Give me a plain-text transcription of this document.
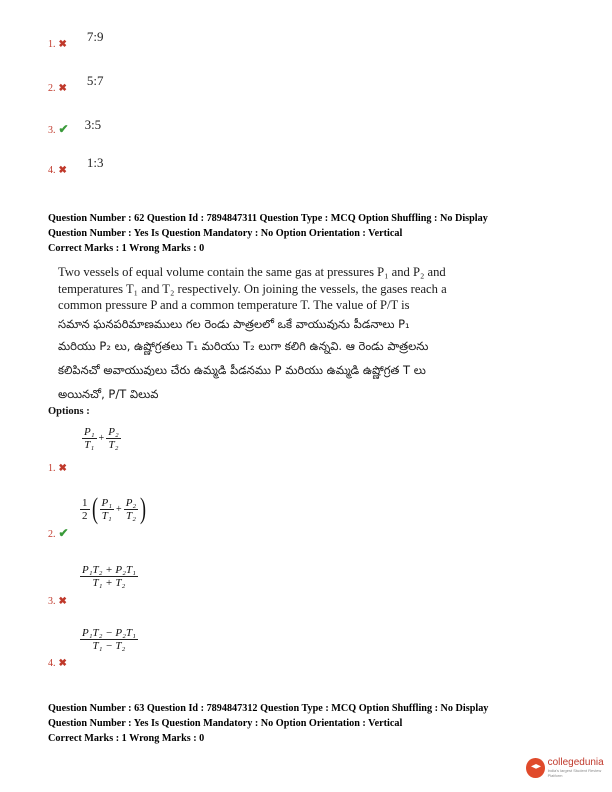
1. ✖ $^{7:9}$
2. ✖ $^{5:7}$
3. ✔ $^{3:5}$
4. ✖ $^{1:3}$
Question Number : 62 Question Id : 7894847311 Question Type : MCQ Option Shuffling : No Display
Question Number : Yes Is Question Mandatory : No Option Orientation : Vertical
Correct Marks : 1 Wrong Marks : 0
Two vessels of equal volume contain the same gas at pressures P₁ and P₂ and
temperatures T₁ and T₂ respectively. On joining the vessels, the gases reach a
common pressure P and a common temperature T. The value of P/T is
సమాన ఘనపరిమాణములు గల రెండు పాత్రలలో ఒకే వాయువును పీడనాలు P₁
మరియు P₂ లు, ఉష్ణోగ్రతలు T₁ మరియు T₂ లుగా కలిగి ఉన్నవి. ఆ రెండు పాత్రలను
కలిపినచో అవాయువులు చేరు ఉమ్మడి పీడనము P మరియు ఉమ్మడి ఉష్ణోగ్రత T లు
అయినచో, P/T విలువ
Options :
1. ✖
$\frac{\text{P₁}}{\text{T₁}} + \frac{\text{P₂}}{\text{T₂}}$
2. ✔
$\frac{1}{2}$ ( $\frac{\text{P₁}}{\text{T₁}} + \frac{\text{P₂}}{\text{T₂}}$ )
3. ✖
$\frac{\text{P₁T₂ + P₂T₁}}{\text{T₁ + T₂}}$
4. ✖
$\frac{\text{P₁T₂ − P₂T₁}}{\text{T₁ − T₂}}$
Question Number : 63 Question Id : 7894847312 Question Type : MCQ Option Shuffling : No Display
Question Number : Yes Is Question Mandatory : No Option Orientation : Vertical
Correct Marks : 1 Wrong Marks : 0
collegedunia
India's largest Student Review Platform
